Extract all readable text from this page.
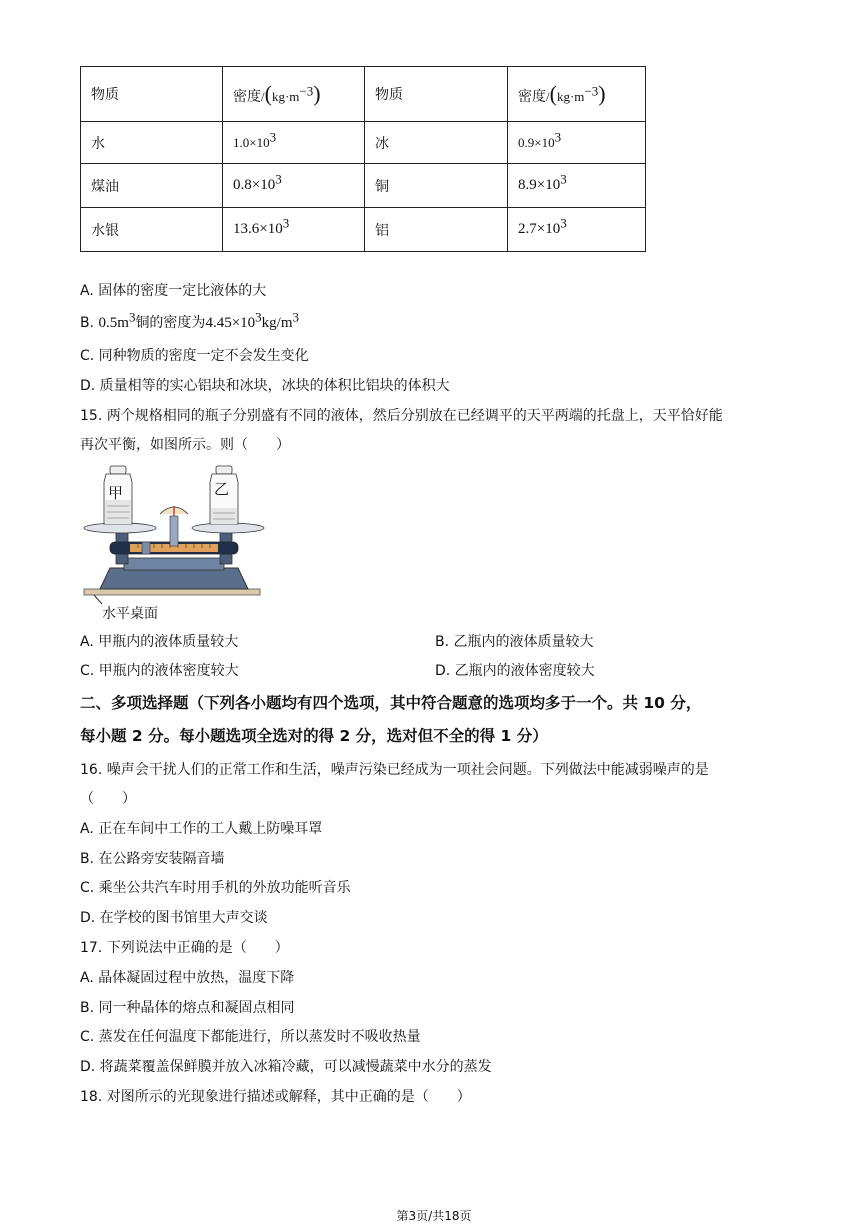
物质	密度$/(kg\cdot m^{-3})$	物质	密度$/(kg\cdot m^{-3})$
水	$1.0\times 10^3$	冰	$0.9\times 10^3$
煤油	$0.8\times 10^3$	铜	$8.9\times 10^3$
水银	$13.6\times 10^3$	铝	$2.7\times 10^3$
A. 固体的密度一定比液体的大
B. $0.5m^3$铜的密度为$4.45\times 10^3kg/m^3$
C. 同种物质的密度一定不会发生变化
D. 质量相等的实心铝块和冰块，冰块的体积比铝块的体积大
15. 两个规格相同的瓶子分别盛有不同的液体，然后分别放在已经调平的天平两端的托盘上，天平恰好能
再次平衡，如图所示。则（　　）
甲	乙
水平桌面
A. 甲瓶内的液体质量较大	B. 乙瓶内的液体质量较大
C. 甲瓶内的液体密度较大	D. 乙瓶内的液体密度较大
二、多项选择题（下列各小题均有四个选项，其中符合题意的选项均多于一个。共 10 分，
每小题 2 分。每小题选项全选对的得 2 分，选对但不全的得 1 分）
16. 噪声会干扰人们的正常工作和生活，噪声污染已经成为一项社会问题。下列做法中能减弱噪声的是
（　　）
A. 正在车间中工作的工人戴上防噪耳罩
B. 在公路旁安装隔音墙
C. 乘坐公共汽车时用手机的外放功能听音乐
D. 在学校的图书馆里大声交谈
17. 下列说法中正确的是（　　）
A. 晶体凝固过程中放热，温度下降
B. 同一种晶体的熔点和凝固点相同
C. 蒸发在任何温度下都能进行，所以蒸发时不吸收热量
D. 将蔬菜覆盖保鲜膜并放入冰箱冷藏，可以减慢蔬菜中水分的蒸发
18. 对图所示的光现象进行描述或解释，其中正确的是（　　）
第3页/共18页
